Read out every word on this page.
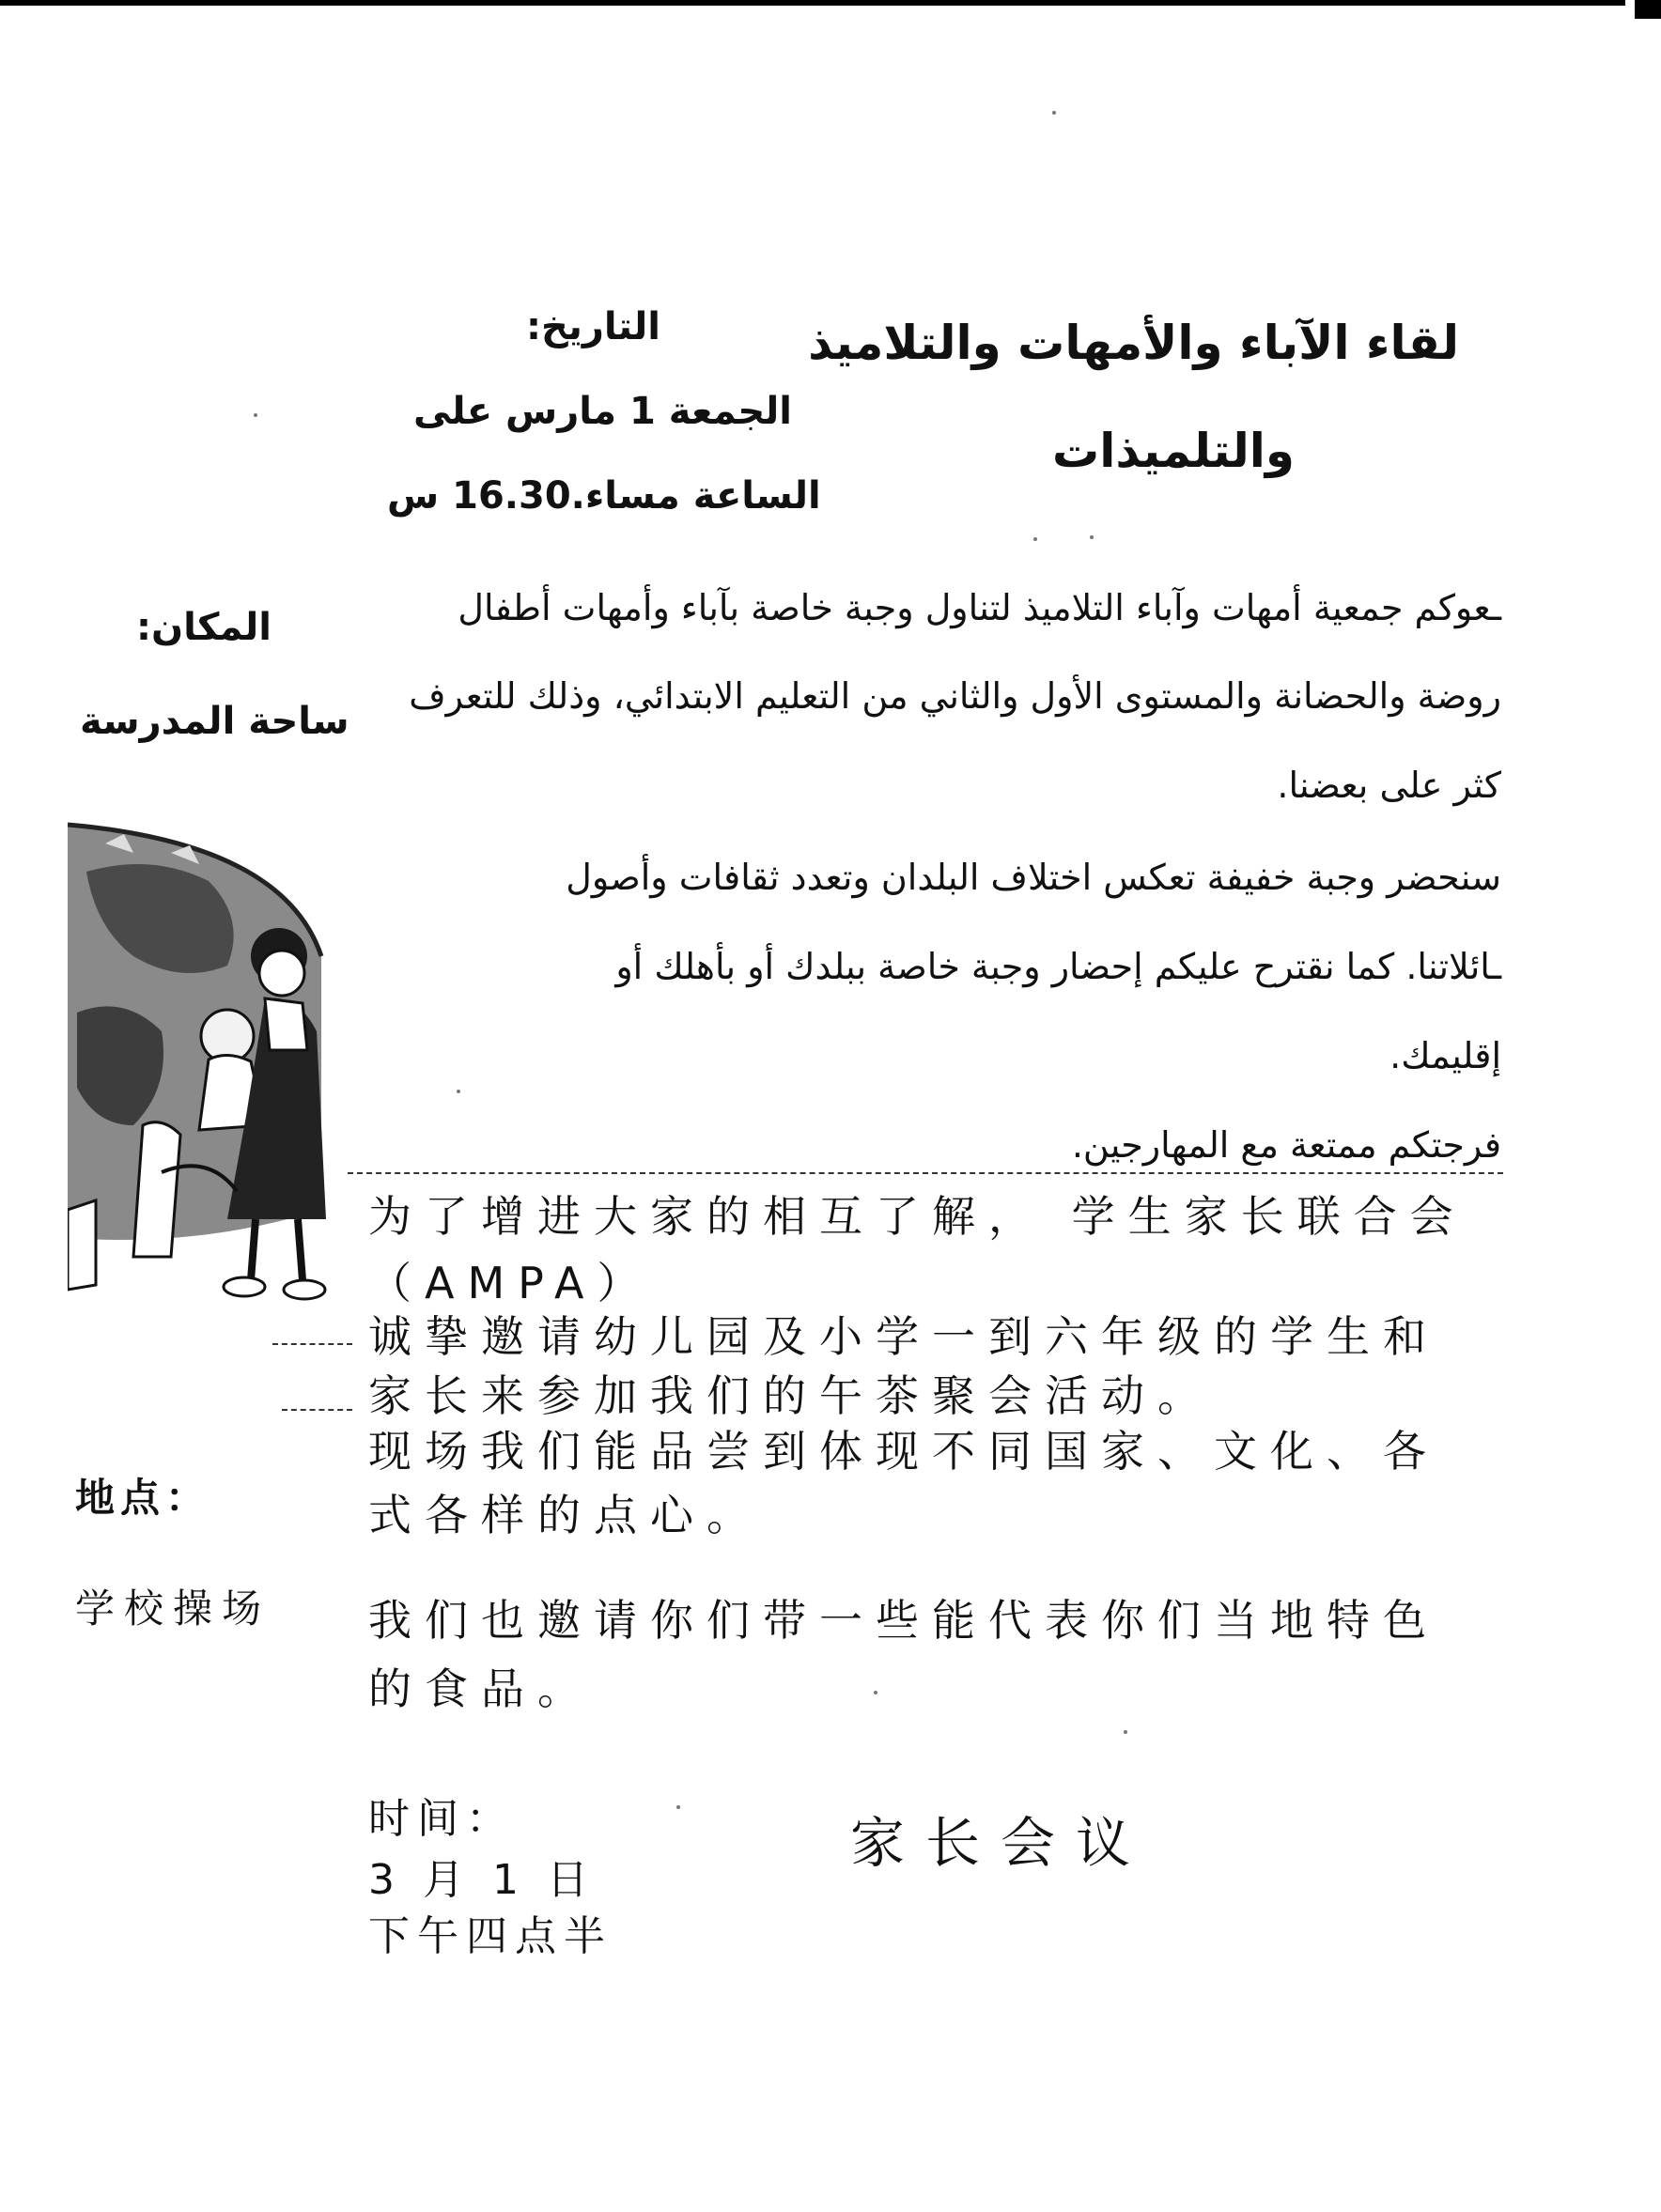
لقاء الآباء والأمهات والتلاميذ
والتلميذات
التاريخ:
الجمعة 1 مارس على
الساعة مساء.16.30 س
المكان:
ساحة المدرسة
ـعوكم جمعية أمهات وآباء التلاميذ لتناول وجبة خاصة بآباء وأمهات أطفال
روضة والحضانة والمستوى الأول والثاني من التعليم الابتدائي، وذلك للتعرف
كثر على بعضنا.
سنحضر وجبة خفيفة تعكس اختلاف البلدان وتعدد ثقافات وأصول
ـائلاتنا. كما نقترح عليكم إحضار وجبة خاصة ببلدك أو بأهلك أو
إقليمك.
فرجتكم ممتعة مع المهارجين.
为了增进大家的相互了解， 学生家长联合会
（AMPA）
诚挚邀请幼儿园及小学一到六年级的学生和
家长来参加我们的午茶聚会活动。
现场我们能品尝到体现不同国家、文化、各
式各样的点心。
我们也邀请你们带一些能代表你们当地特色
的食品。
地点：
学校操场
时间：
3 月 1 日
下午四点半
家长会议
